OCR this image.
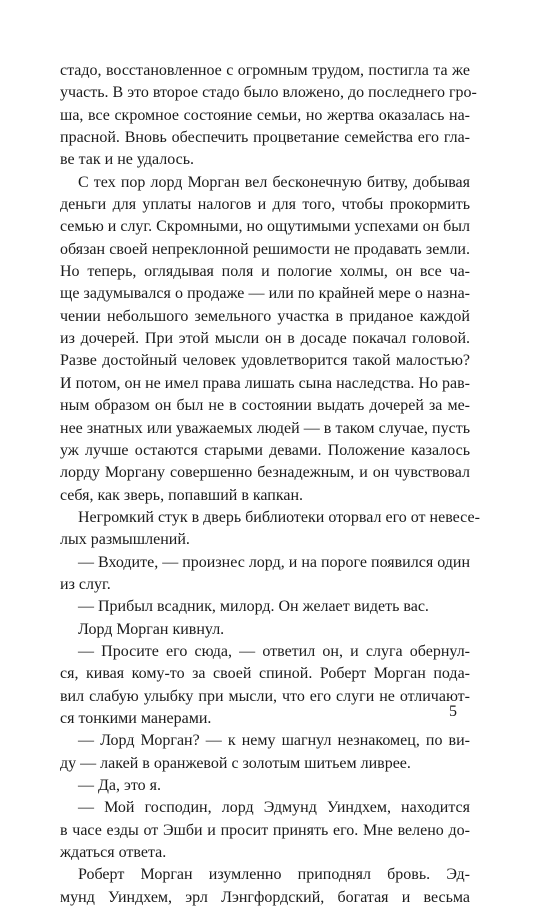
стадо, восстановленное с огромным трудом, постигла та же
участь. В это второе стадо было вложено, до последнего гро-
ша, все скромное состояние семьи, но жертва оказалась на-
прасной. Вновь обеспечить процветание семейства его гла-
ве так и не удалось.
С тех пор лорд Морган вел бесконечную битву, добывая
деньги для уплаты налогов и для того, чтобы прокормить
семью и слуг. Скромными, но ощутимыми успехами он был
обязан своей непреклонной решимости не продавать земли.
Но теперь, оглядывая поля и пологие холмы, он все ча-
ще задумывался о продаже — или по крайней мере о назна-
чении небольшого земельного участка в приданое каждой
из дочерей. При этой мысли он в досаде покачал головой.
Разве достойный человек удовлетворится такой малостью?
И потом, он не имел права лишать сына наследства. Но рав-
ным образом он был не в состоянии выдать дочерей за ме-
нее знатных или уважаемых людей — в таком случае, пусть
уж лучше остаются старыми девами. Положение казалось
лорду Моргану совершенно безнадежным, и он чувствовал
себя, как зверь, попавший в капкан.
Негромкий стук в дверь библиотеки оторвал его от невесе-
лых размышлений.
— Входите, — произнес лорд, и на пороге появился один
из слуг.
— Прибыл всадник, милорд. Он желает видеть вас.
Лорд Морган кивнул.
— Просите его сюда, — ответил он, и слуга обернул-
ся, кивая кому-то за своей спиной. Роберт Морган пода-
вил слабую улыбку при мысли, что его слуги не отличают-
ся тонкими манерами.
— Лорд Морган? — к нему шагнул незнакомец, по ви-
ду — лакей в оранжевой с золотым шитьем ливрее.
— Да, это я.
— Мой господин, лорд Эдмунд Уиндхем, находится
в часе езды от Эшби и просит принять его. Мне велено до-
ждаться ответа.
Роберт Морган изумленно приподнял бровь. Эд-
мунд Уиндхем, эрл Лэнгфордский, богатая и весьма
5
